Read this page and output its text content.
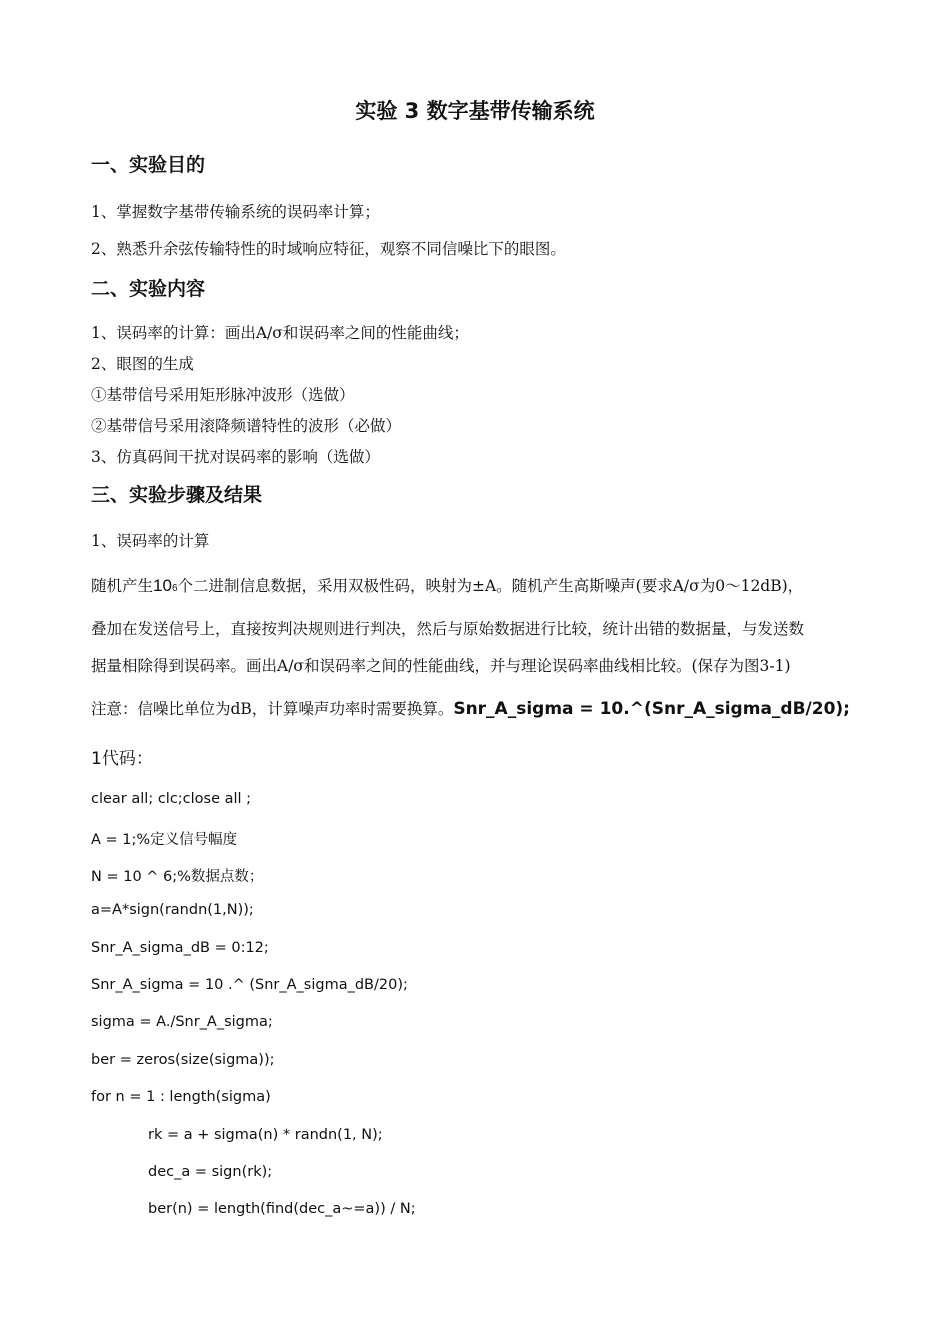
实验 3 数字基带传输系统
一、实验目的
1、掌握数字基带传输系统的误码率计算；
2、熟悉升余弦传输特性的时域响应特征，观察不同信噪比下的眼图。
二、实验内容
1、误码率的计算：画出A/σ和误码率之间的性能曲线；
2、眼图的生成
①基带信号采用矩形脉冲波形（选做）
②基带信号采用滚降频谱特性的波形（必做）
3、仿真码间干扰对误码率的影响（选做）
三、实验步骤及结果
1、误码率的计算
随机产生106个二进制信息数据，采用双极性码，映射为±A。随机产生高斯噪声(要求A/σ为0～12dB)，
叠加在发送信号上，直接按判决规则进行判决，然后与原始数据进行比较，统计出错的数据量，与发送数
据量相除得到误码率。画出A/σ和误码率之间的性能曲线，并与理论误码率曲线相比较。(保存为图3-1)
注意：信噪比单位为dB，计算噪声功率时需要换算。Snr_A_sigma = 10.^(Snr_A_sigma_dB/20);
1代码：
clear all; clc;close all ;
A = 1;%定义信号幅度
N = 10 ^ 6;%数据点数；
a=A*sign(randn(1,N));
Snr_A_sigma_dB = 0:12;
Snr_A_sigma = 10 .^ (Snr_A_sigma_dB/20);
sigma = A./Snr_A_sigma;
ber = zeros(size(sigma));
for n = 1 : length(sigma)
rk = a + sigma(n) * randn(1, N);
dec_a = sign(rk);
ber(n) = length(find(dec_a~=a)) / N;
